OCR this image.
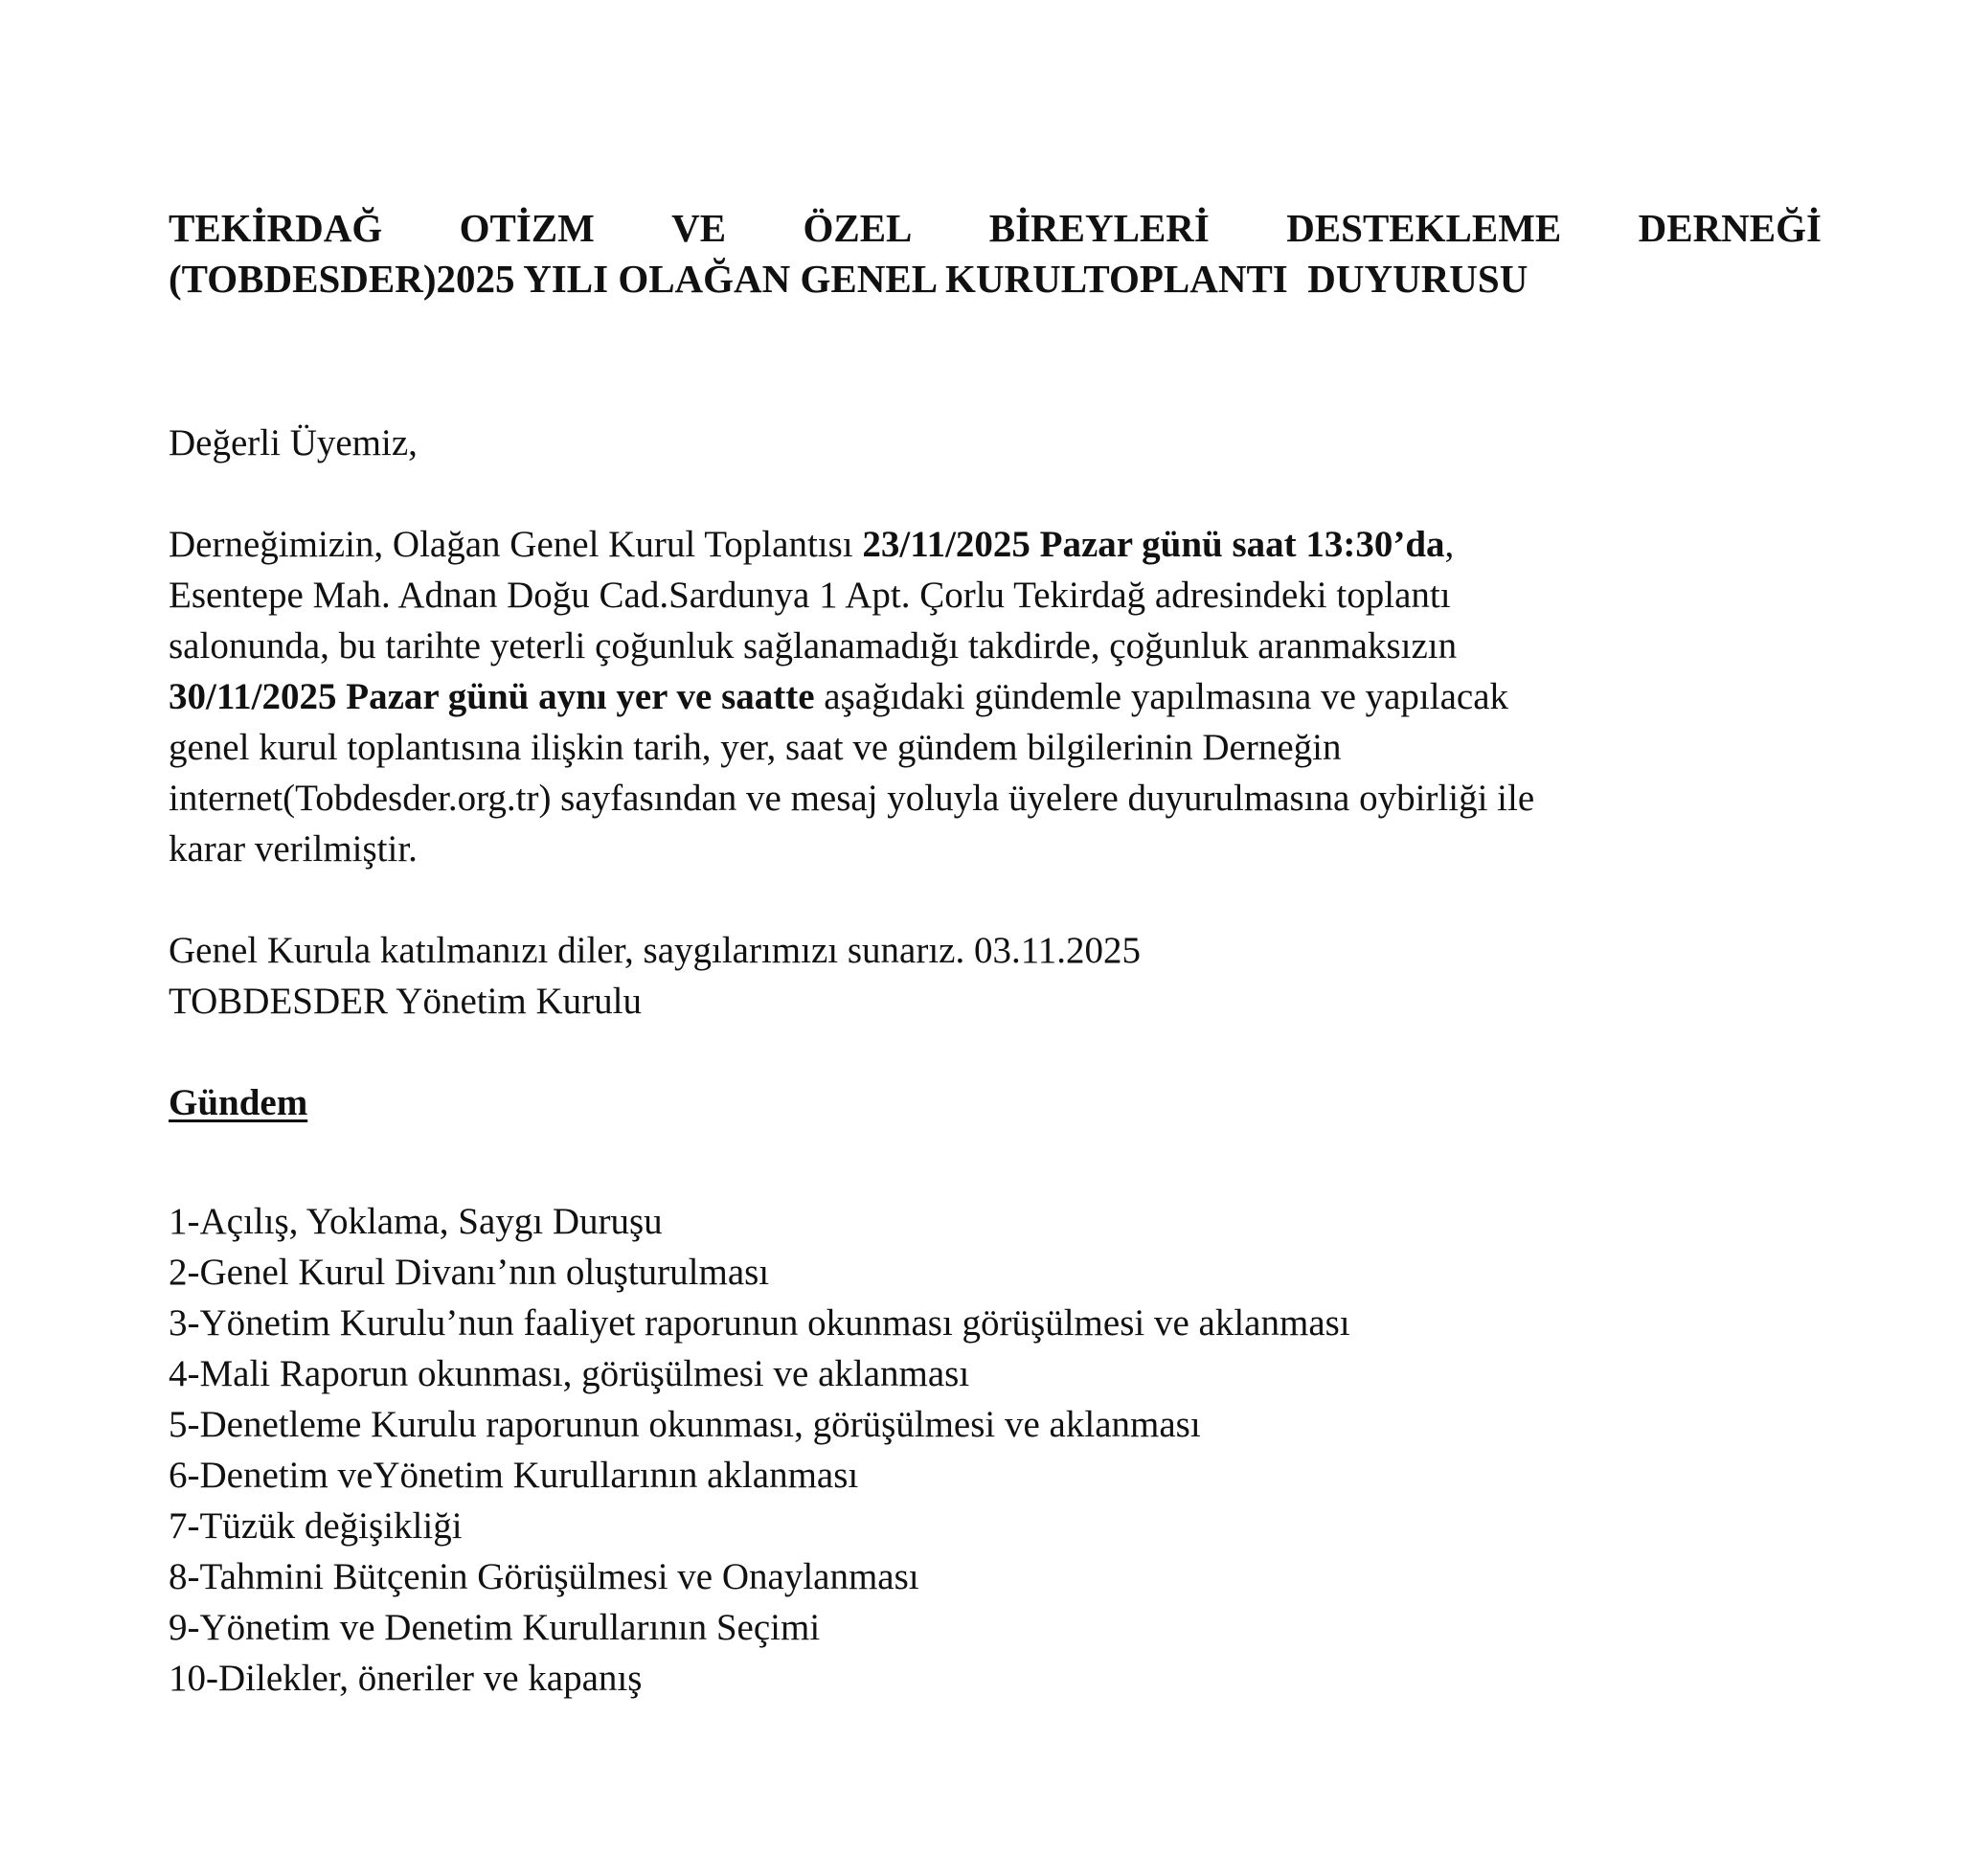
TEKİRDAĞ OTİZM VE ÖZEL BİREYLERİ DESTEKLEME DERNEĞİ
(TOBDESDER)2025 YILI OLAĞAN GENEL KURULTOPLANTI  DUYURUSU

Değerli Üyemiz,

Derneğimizin, Olağan Genel Kurul Toplantısı 23/11/2025 Pazar günü saat 13:30’da,
Esentepe Mah. Adnan Doğu Cad.Sardunya 1 Apt. Çorlu Tekirdağ adresindeki toplantı
salonunda, bu tarihte yeterli çoğunluk sağlanamadığı takdirde, çoğunluk aranmaksızın
30/11/2025 Pazar günü aynı yer ve saatte aşağıdaki gündemle yapılmasına ve yapılacak
genel kurul toplantısına ilişkin tarih, yer, saat ve gündem bilgilerinin Derneğin
internet(Tobdesder.org.tr) sayfasından ve mesaj yoluyla üyelere duyurulmasına oybirliği ile
karar verilmiştir.

Genel Kurula katılmanızı diler, saygılarımızı sunarız. 03.11.2025
TOBDESDER Yönetim Kurulu

Gündem
1-Açılış, Yoklama, Saygı Duruşu
2-Genel Kurul Divanı’nın oluşturulması
3-Yönetim Kurulu’nun faaliyet raporunun okunması görüşülmesi ve aklanması
4-Mali Raporun okunması, görüşülmesi ve aklanması
5-Denetleme Kurulu raporunun okunması, görüşülmesi ve aklanması
6-Denetim veYönetim Kurullarının aklanması
7-Tüzük değişikliği
8-Tahmini Bütçenin Görüşülmesi ve Onaylanması
9-Yönetim ve Denetim Kurullarının Seçimi
10-Dilekler, öneriler ve kapanış
